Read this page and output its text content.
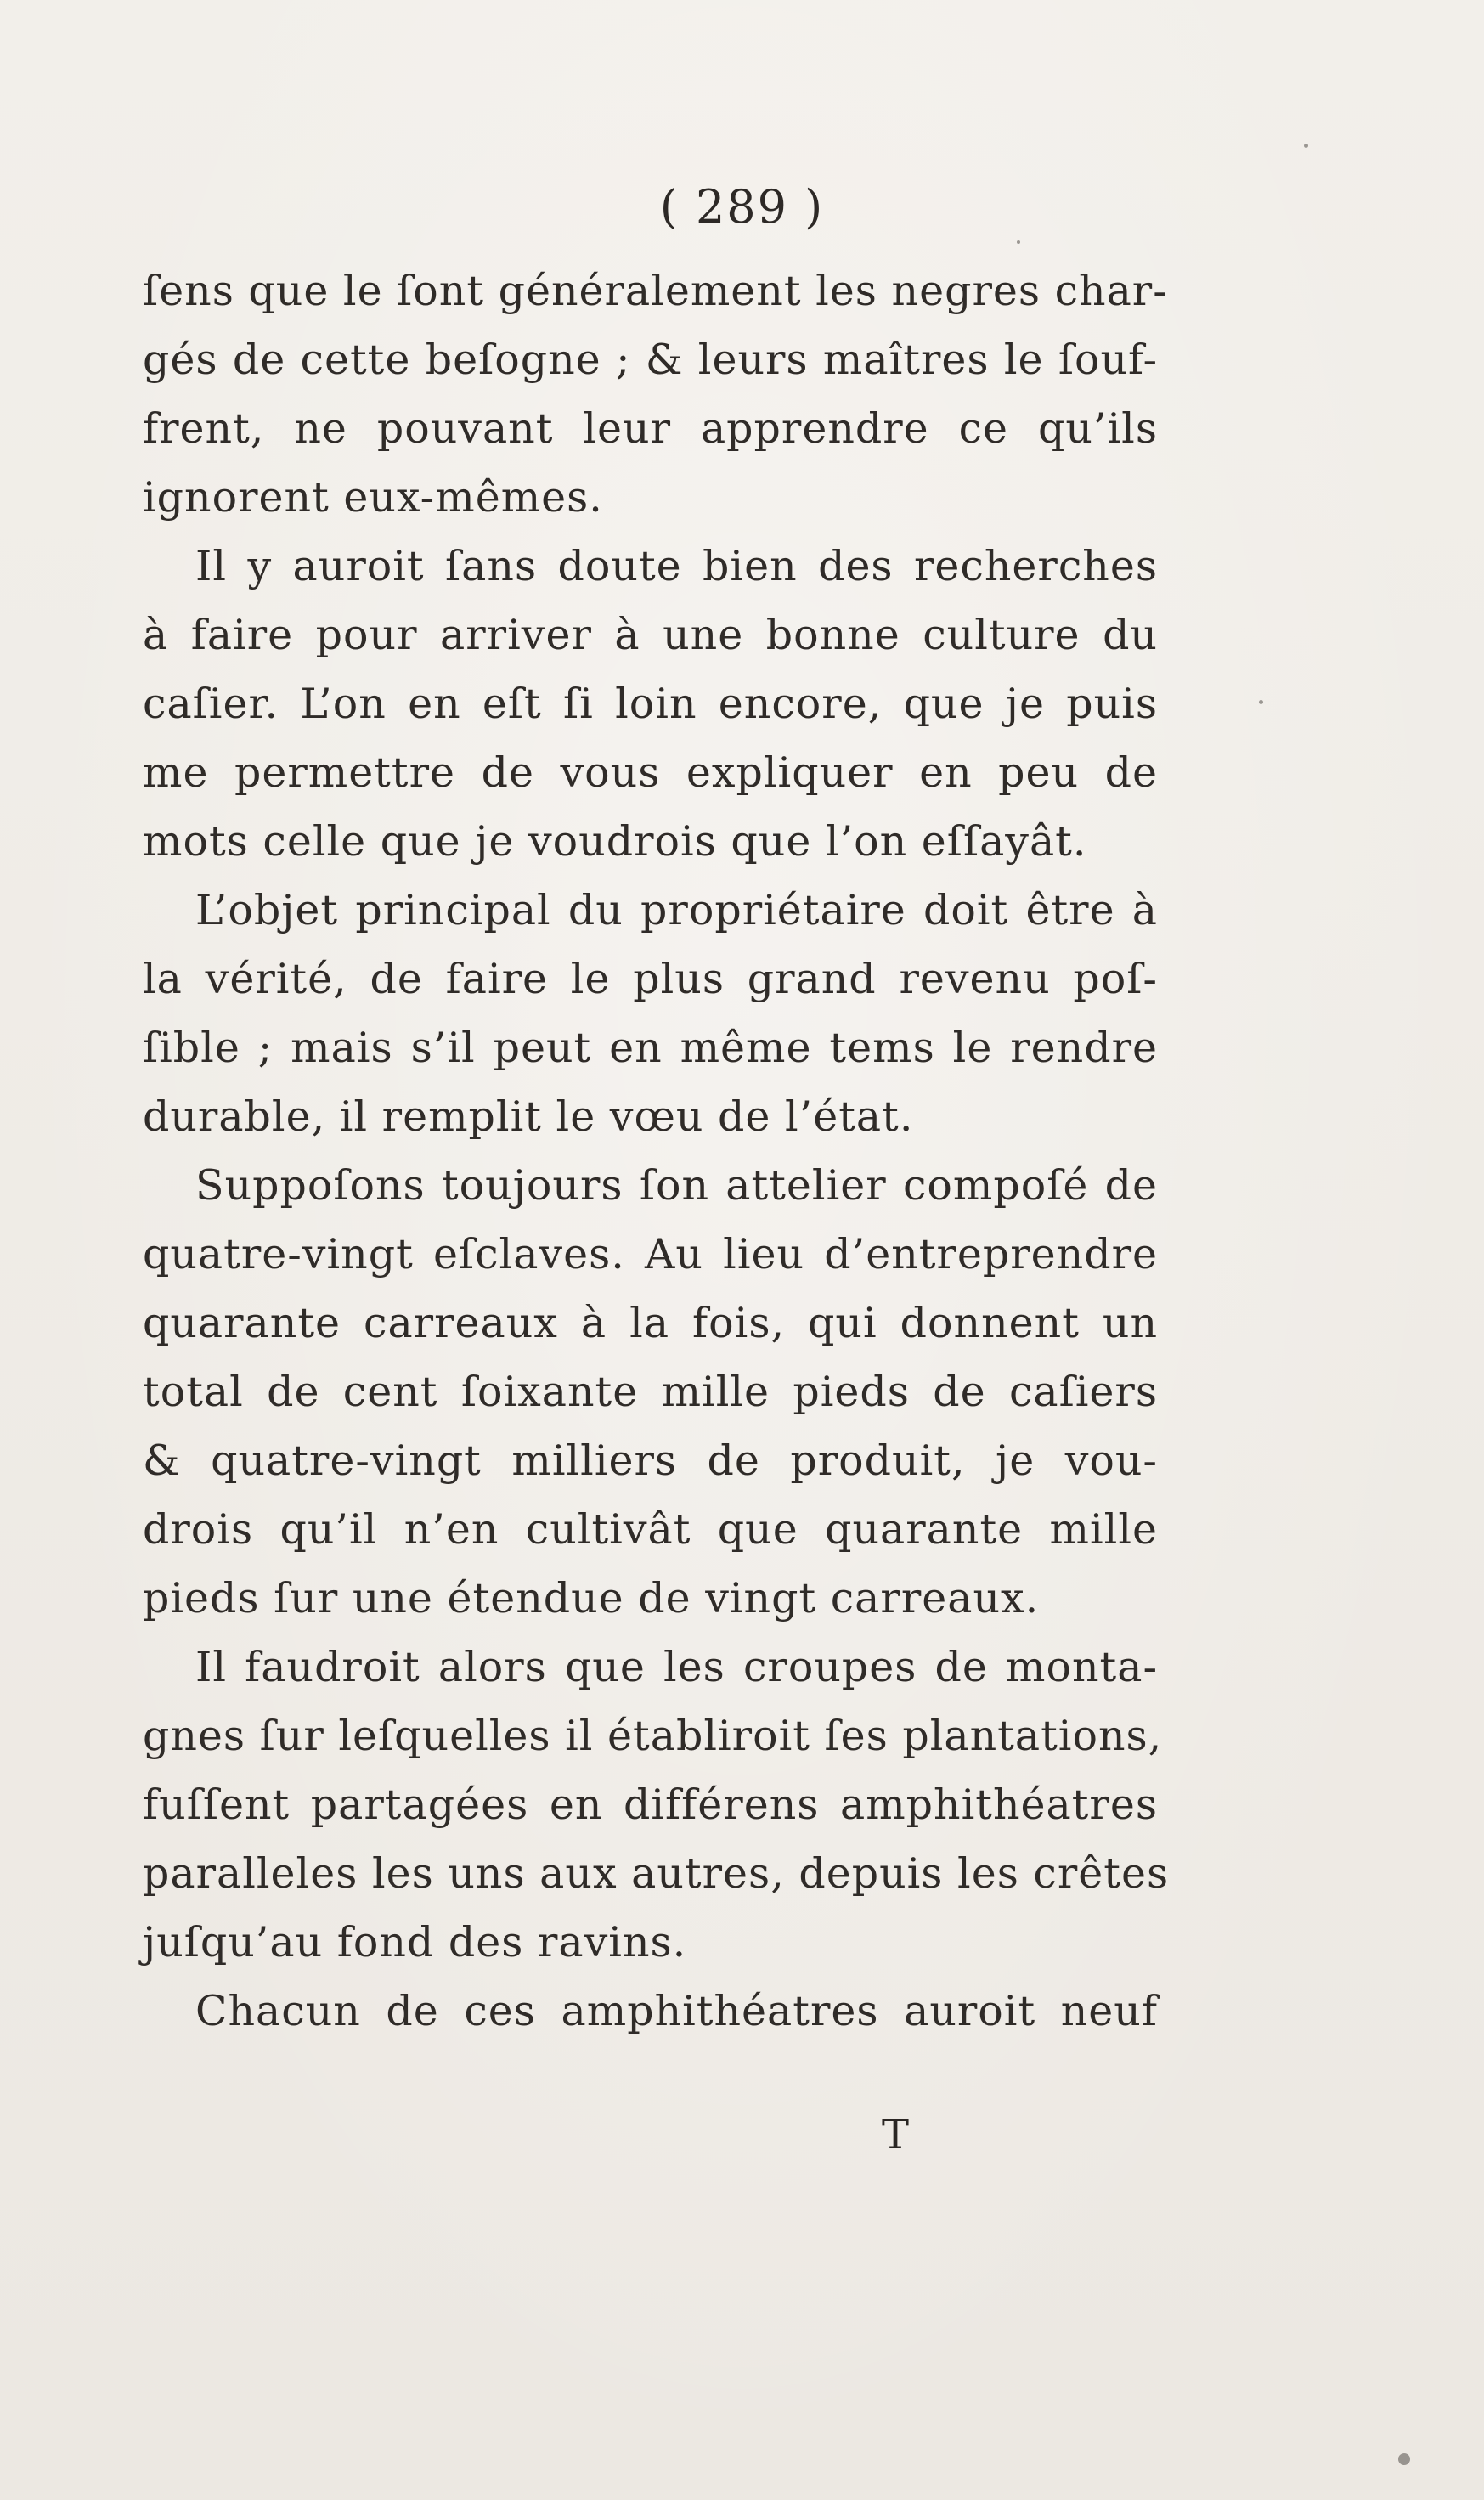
( 289 )
ſens que le ſont généralement les negres char-
gés de cette beſogne ; & leurs maîtres le ſouf-
frent, ne pouvant leur apprendre ce qu’ils
ignorent eux-mêmes.
Il y auroit ſans doute bien des recherches
à faire pour arriver à une bonne culture du
caſier. L’on en eſt ſi loin encore, que je puis
me permettre de vous expliquer en peu de
mots celle que je voudrois que l’on eſſayât.
L’objet principal du propriétaire doit être à
la vérité, de faire le plus grand revenu poſ-
ſible ; mais s’il peut en même tems le rendre
durable, il remplit le vœu de l’état.
Suppoſons toujours ſon attelier compoſé de
quatre-vingt eſclaves. Au lieu d’entreprendre
quarante carreaux à la fois, qui donnent un
total de cent ſoixante mille pieds de caſiers
& quatre-vingt milliers de produit, je vou-
drois qu’il n’en cultivât que quarante mille
pieds ſur une étendue de vingt carreaux.
Il faudroit alors que les croupes de monta-
gnes ſur leſquelles il établiroit ſes plantations,
fuſſent partagées en différens amphithéatres
paralleles les uns aux autres, depuis les crêtes
juſqu’au fond des ravins.
Chacun de ces amphithéatres auroit neuf
T
